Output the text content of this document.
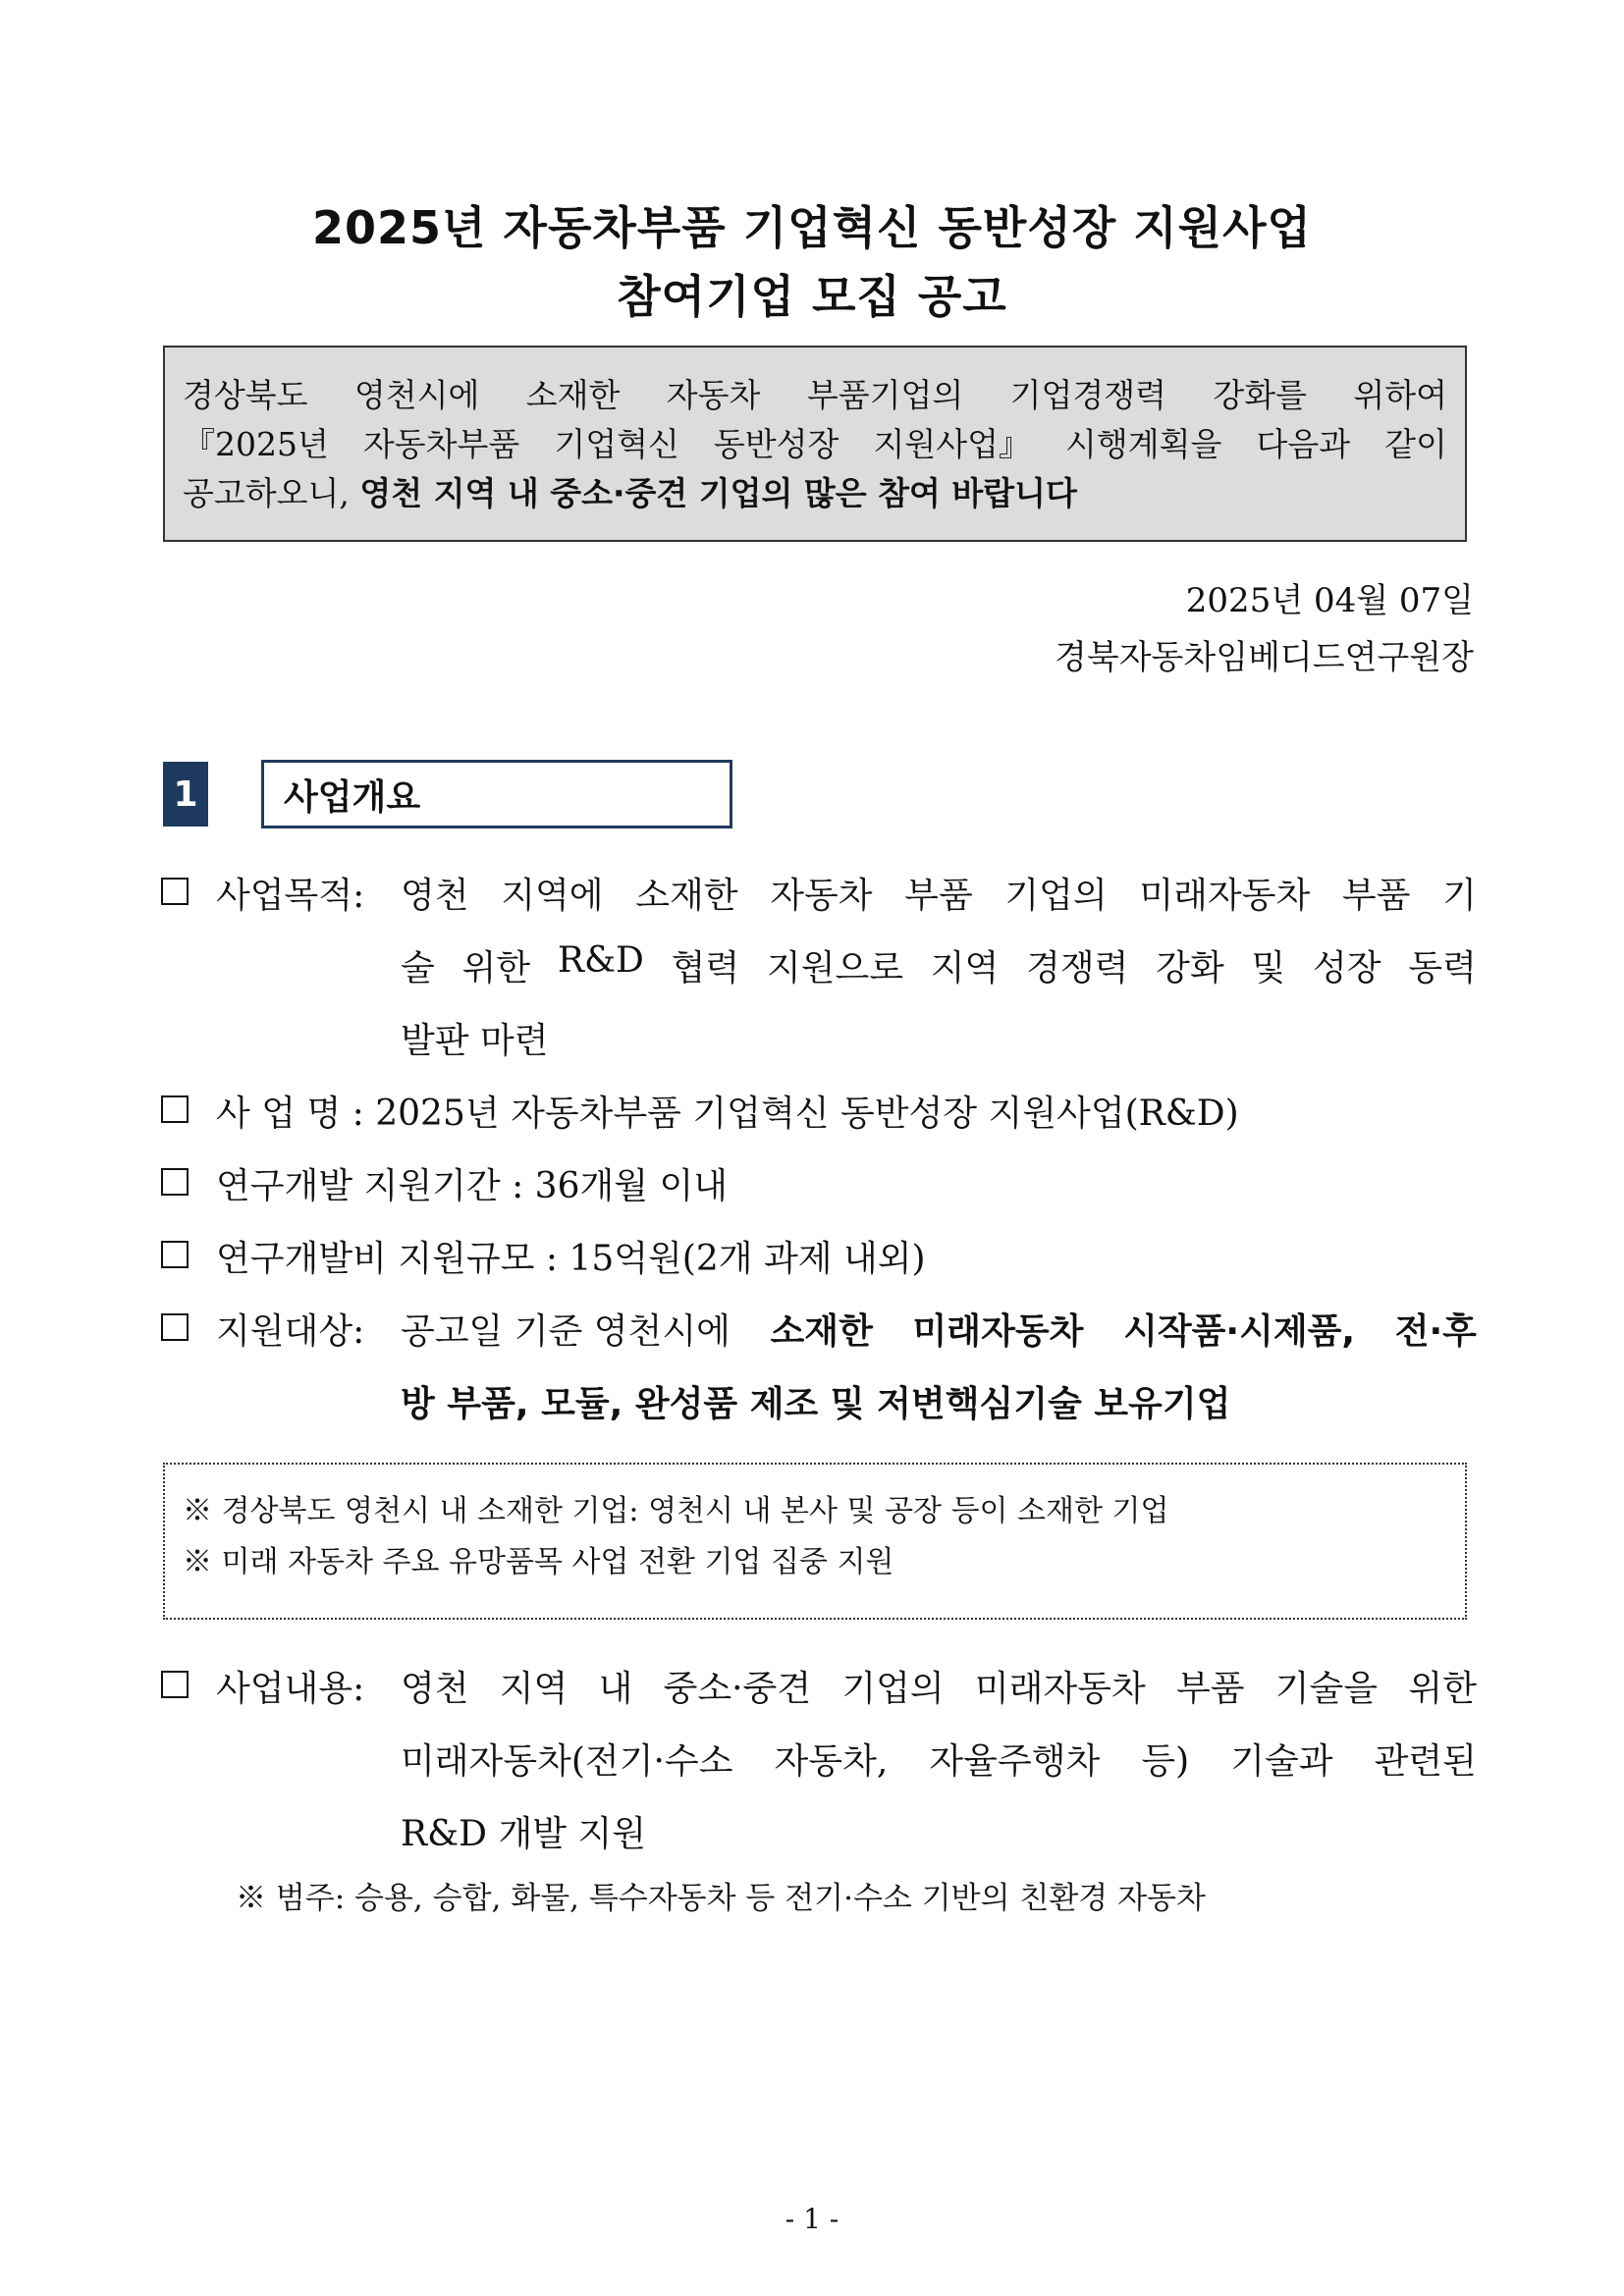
2025년 자동차부품 기업혁신 동반성장 지원사업
참여기업 모집 공고
경상북도 영천시에 소재한 자동차 부품기업의 기업경쟁력 강화를 위하여
『2025년 자동차부품 기업혁신 동반성장 지원사업』 시행계획을 다음과 같이
공고하오니, 영천 지역 내 중소·중견 기업의 많은 참여 바랍니다
2025년 04월 07일
경북자동차임베디드연구원장
1	사업개요
사업목적: 영천 지역에 소재한 자동차 부품 기업의 미래자동차 부품 기
술 위한 R&D 협력 지원으로 지역 경쟁력 강화 및 성장 동력
발판 마련
사 업 명 : 2025년 자동차부품 기업혁신 동반성장 지원사업(R&D)
연구개발 지원기간 : 36개월 이내
연구개발비 지원규모 : 15억원(2개 과제 내외)
지원대상: 공고일 기준 영천시에 소재한 미래자동차 시작품·시제품, 전·후
방 부품, 모듈, 완성품 제조 및 저변핵심기술 보유기업
※ 경상북도 영천시 내 소재한 기업: 영천시 내 본사 및 공장 등이 소재한 기업
※ 미래 자동차 주요 유망품목 사업 전환 기업 집중 지원
사업내용: 영천 지역 내 중소·중견 기업의 미래자동차 부품 기술을 위한
미래자동차(전기·수소 자동차, 자율주행차 등) 기술과 관련된
R&D 개발 지원
※ 범주: 승용, 승합, 화물, 특수자동차 등 전기·수소 기반의 친환경 자동차
- 1 -
